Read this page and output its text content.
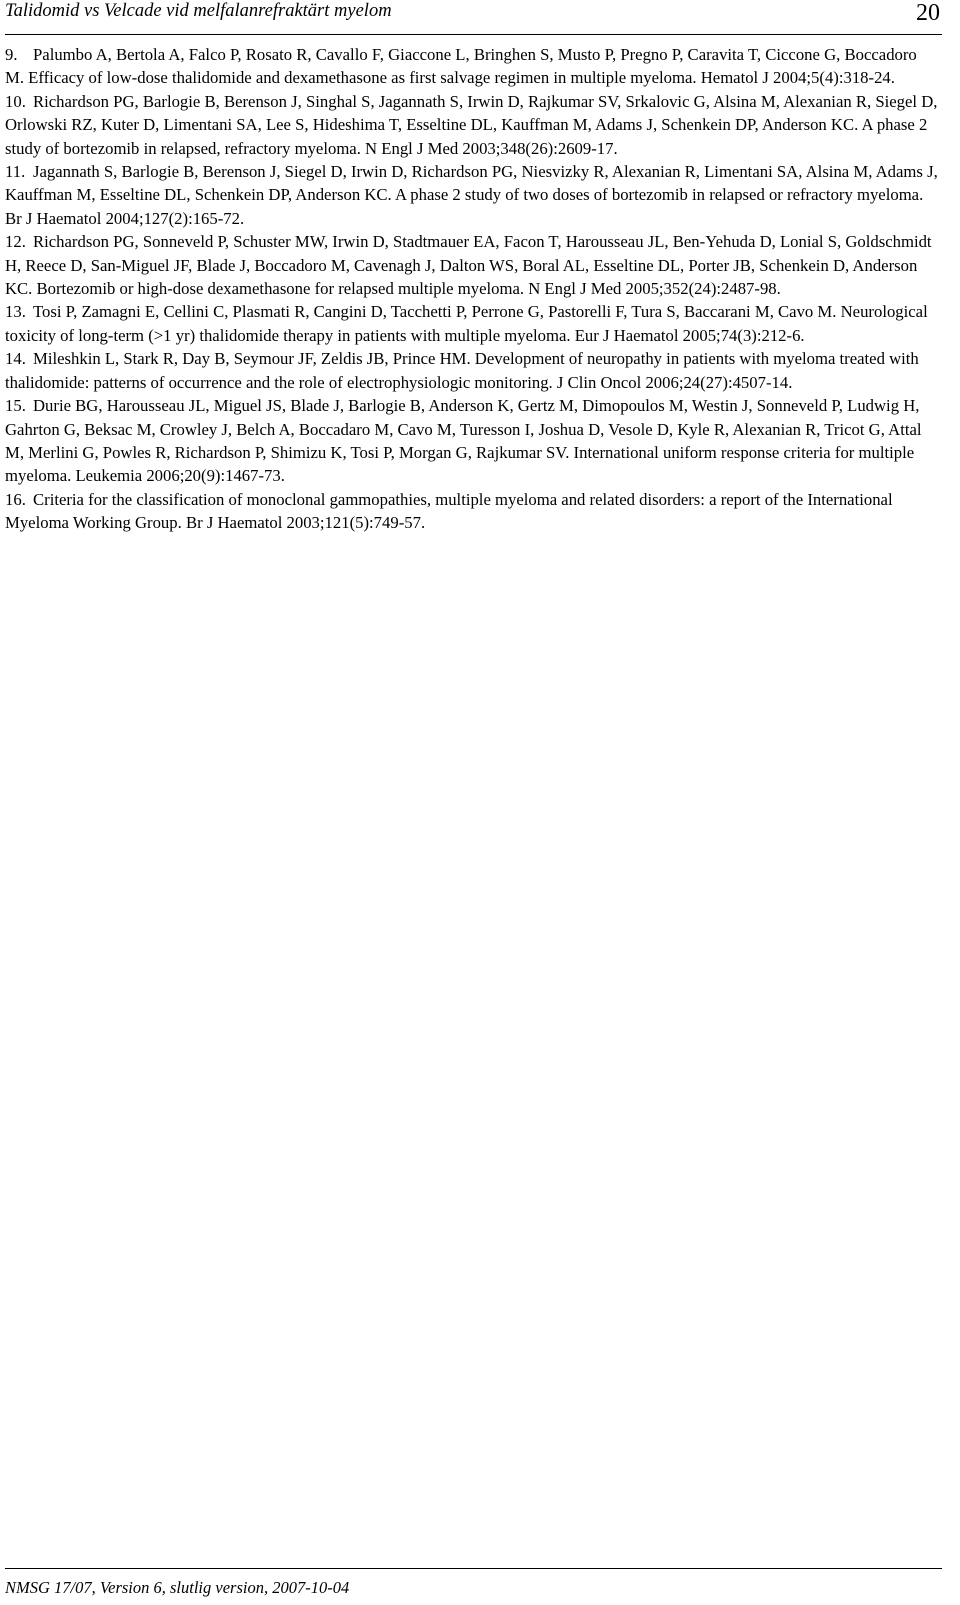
Talidomid vs Velcade vid melfalanrefraktärt myelom	20

9. Palumbo A, Bertola A, Falco P, Rosato R, Cavallo F, Giaccone L, Bringhen S, Musto P, Pregno P, Caravita T, Ciccone G, Boccadoro M. Efficacy of low-dose thalidomide and dexamethasone as first salvage regimen in multiple myeloma. Hematol J 2004;5(4):318-24.

10. Richardson PG, Barlogie B, Berenson J, Singhal S, Jagannath S, Irwin D, Rajkumar SV, Srkalovic G, Alsina M, Alexanian R, Siegel D, Orlowski RZ, Kuter D, Limentani SA, Lee S, Hideshima T, Esseltine DL, Kauffman M, Adams J, Schenkein DP, Anderson KC. A phase 2 study of bortezomib in relapsed, refractory myeloma. N Engl J Med 2003;348(26):2609-17.

11. Jagannath S, Barlogie B, Berenson J, Siegel D, Irwin D, Richardson PG, Niesvizky R, Alexanian R, Limentani SA, Alsina M, Adams J, Kauffman M, Esseltine DL, Schenkein DP, Anderson KC. A phase 2 study of two doses of bortezomib in relapsed or refractory myeloma. Br J Haematol 2004;127(2):165-72.

12. Richardson PG, Sonneveld P, Schuster MW, Irwin D, Stadtmauer EA, Facon T, Harousseau JL, Ben-Yehuda D, Lonial S, Goldschmidt H, Reece D, San-Miguel JF, Blade J, Boccadoro M, Cavenagh J, Dalton WS, Boral AL, Esseltine DL, Porter JB, Schenkein D, Anderson KC. Bortezomib or high-dose dexamethasone for relapsed multiple myeloma. N Engl J Med 2005;352(24):2487-98.

13. Tosi P, Zamagni E, Cellini C, Plasmati R, Cangini D, Tacchetti P, Perrone G, Pastorelli F, Tura S, Baccarani M, Cavo M. Neurological toxicity of long-term (>1 yr) thalidomide therapy in patients with multiple myeloma. Eur J Haematol 2005;74(3):212-6.

14. Mileshkin L, Stark R, Day B, Seymour JF, Zeldis JB, Prince HM. Development of neuropathy in patients with myeloma treated with thalidomide: patterns of occurrence and the role of electrophysiologic monitoring. J Clin Oncol 2006;24(27):4507-14.

15. Durie BG, Harousseau JL, Miguel JS, Blade J, Barlogie B, Anderson K, Gertz M, Dimopoulos M, Westin J, Sonneveld P, Ludwig H, Gahrton G, Beksac M, Crowley J, Belch A, Boccadaro M, Cavo M, Turesson I, Joshua D, Vesole D, Kyle R, Alexanian R, Tricot G, Attal M, Merlini G, Powles R, Richardson P, Shimizu K, Tosi P, Morgan G, Rajkumar SV. International uniform response criteria for multiple myeloma. Leukemia 2006;20(9):1467-73.

16. Criteria for the classification of monoclonal gammopathies, multiple myeloma and related disorders: a report of the International Myeloma Working Group. Br J Haematol 2003;121(5):749-57.

NMSG 17/07, Version 6, slutlig version, 2007-10-04
